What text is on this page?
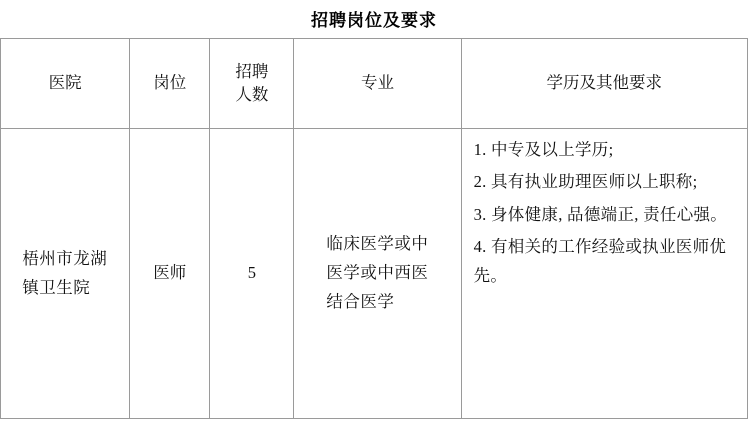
招聘岗位及要求
医院	岗位	招聘人数	专业	学历及其他要求

梧州市龙湖镇卫生院	医师	5	临床医学或中医学或中西医结合医学	1. 中专及以上学历;
2. 具有执业助理医师以上职称;
3. 身体健康, 品德端正, 责任心强。
4. 有相关的工作经验或执业医师优先。
